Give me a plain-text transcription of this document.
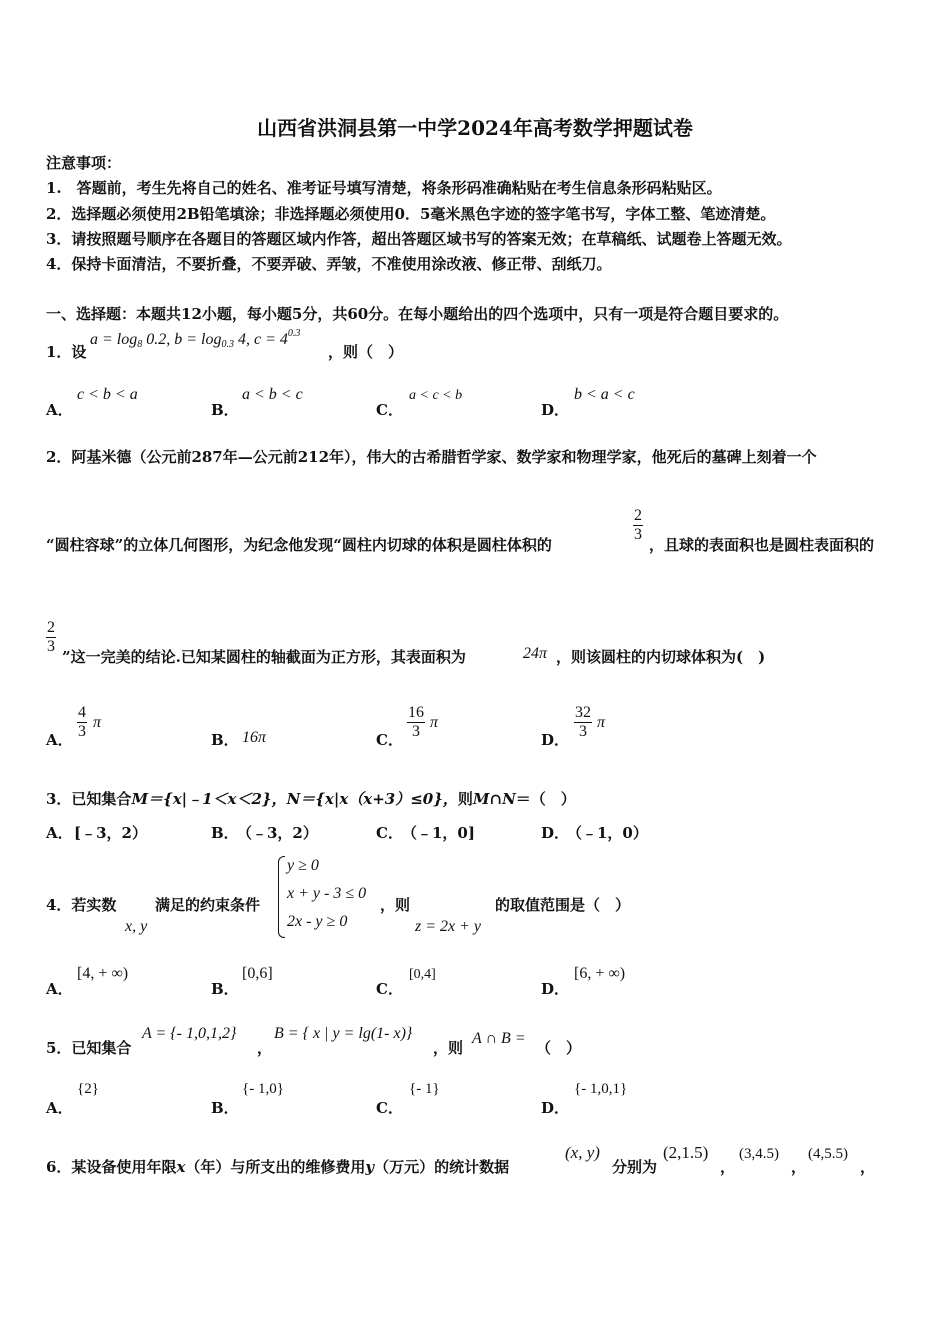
山西省洪洞县第一中学2024年高考数学押题试卷
注意事项：
1.　答题前，考生先将自己的姓名、准考证号填写清楚，将条形码准确粘贴在考生信息条形码粘贴区。
2．选择题必须使用2B铅笔填涂；非选择题必须使用0．5毫米黑色字迹的签字笔书写，字体工整、笔迹清楚。
3．请按照题号顺序在各题目的答题区域内作答，超出答题区域书写的答案无效；在草稿纸、试题卷上答题无效。
4．保持卡面清洁，不要折叠，不要弄破、弄皱，不准使用涂改液、修正带、刮纸刀。
一、选择题：本题共12小题，每小题5分，共60分。在每小题给出的四个选项中，只有一项是符合题目要求的。
1．设
$a = \log_8 0.2$, $b = \log_{0.3} 4$, $c = 4^{0.3}$
，则（　）
A．
c < b < a
B．
a < b < c
C．
a < c < b
D．
b < a < c
2．阿基米德（公元前287年—公元前212年），伟大的古希腊哲学家、数学家和物理学家，他死后的墓碑上刻着一个
“圆柱容球”的立体几何图形，为纪念他发现“圆柱内切球的体积是圆柱体积的
$\frac{2}{3}$
，且球的表面积也是圆柱表面积的
$\frac{2}{3}$
”这一完美的结论.已知某圆柱的轴截面为正方形，其表面积为	24π ，则该圆柱的内切球体积为(　)
A． $\frac{4}{3}$ π
B． 16π	C． $\frac{16}{3}$ π
D． $\frac{32}{3}$ π
3．已知集合M＝{x|﹣1＜x＜2}，N＝{x|x（x+3）≤0}，则M∩N＝（　）
A． [﹣3，2）	B．
（﹣3，2）	C． （﹣1，0]	D．
（﹣1，0）
4．若实数
x, y
满足的约束条件
y ≥ 0
x + y - 3 ≤ 0
2x - y ≥ 0
，则
z = 2x + y
的取值范围是（　）
A．
[4, + ∞)
B．
[0,6]
C．
[0,4]
D．
[6, + ∞)
5．已知集合
A = {- 1,0,1,2}
，
B = { x | y = lg(1- x)}
，则
A ∩ B =
（　）
A．
{2}
B．
{- 1,0}
C．
{- 1}
D．
{- 1,0,1}
6．某设备使用年限x（年）与所支出的维修费用y（万元）的统计数据
(x, y)
分别为
(2,1.5)
，
(3,4.5)
，
(4,5.5)
，
